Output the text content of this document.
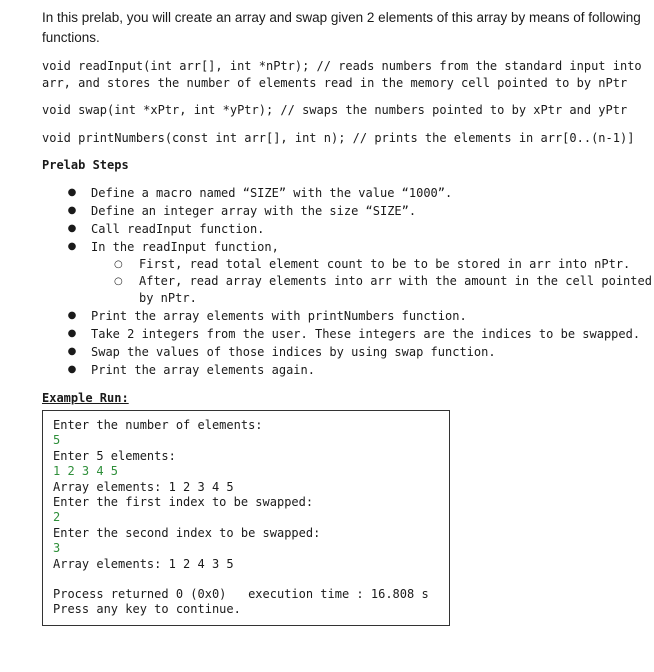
In this prelab, you will create an array and swap given 2 elements of this array by means of following functions.

void readInput(int arr[], int *nPtr); // reads numbers from the standard input into

arr, and stores the number of elements read in the memory cell pointed to by nPtr

void swap(int *xPtr, int *yPtr); // swaps the numbers pointed to by xPtr and yPtr

void printNumbers(const int arr[], int n); // prints the elements in arr[0..(n-1)]

Prelab Steps

● Define a macro named “SIZE” with the value “1000”.
● Define an integer array with the size “SIZE”.
● Call readInput function.
● In the readInput function,
○ First, read total element count to be to be stored in arr into nPtr.
○ After, read array elements into arr with the amount in the cell pointed
by nPtr.
● Print the array elements with printNumbers function.
● Take 2 integers from the user. These integers are the indices to be swapped.
● Swap the values of those indices by using swap function.
● Print the array elements again.

Example Run:

Enter the number of elements:

5

Enter 5 elements:

1 2 3 4 5

Array elements: 1 2 3 4 5

Enter the first index to be swapped:

2

Enter the second index to be swapped:

3

Array elements: 1 2 4 3 5

Process returned 0 (0x0)   execution time : 16.808 s

Press any key to continue.
